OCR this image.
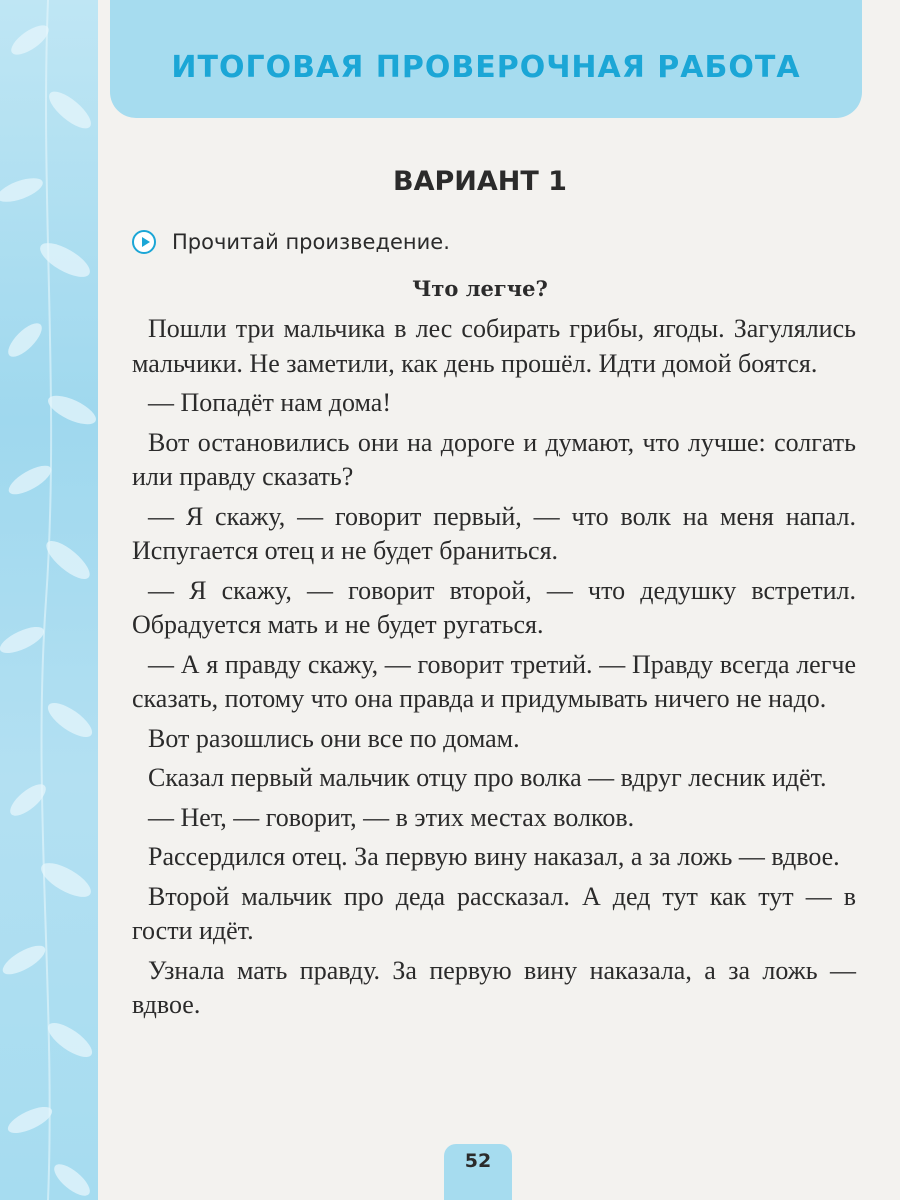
ИТОГОВАЯ ПРОВЕРОЧНАЯ РАБОТА
ВАРИАНТ 1
Прочитай произведение.
Что легче?

Пошли три мальчика в лес собирать грибы, ягоды. Загулялись мальчики. Не заметили, как день прошёл. Идти домой боятся.

— Попадёт нам дома!

Вот остановились они на дороге и думают, что лучше: солгать или правду сказать?

— Я скажу, — говорит первый, — что волк на меня напал. Испугается отец и не будет браниться.

— Я скажу, — говорит второй, — что дедушку встретил. Обрадуется мать и не будет ругаться.

— А я правду скажу, — говорит третий. — Правду всегда легче сказать, потому что она правда и придумывать ничего не надо.

Вот разошлись они все по домам.

Сказал первый мальчик отцу про волка — вдруг лесник идёт.

— Нет, — говорит, — в этих местах волков.

Рассердился отец. За первую вину наказал, а за ложь — вдвое.

Второй мальчик про деда рассказал. А дед тут как тут — в гости идёт.

Узнала мать правду. За первую вину наказала, а за ложь — вдвое.

52
